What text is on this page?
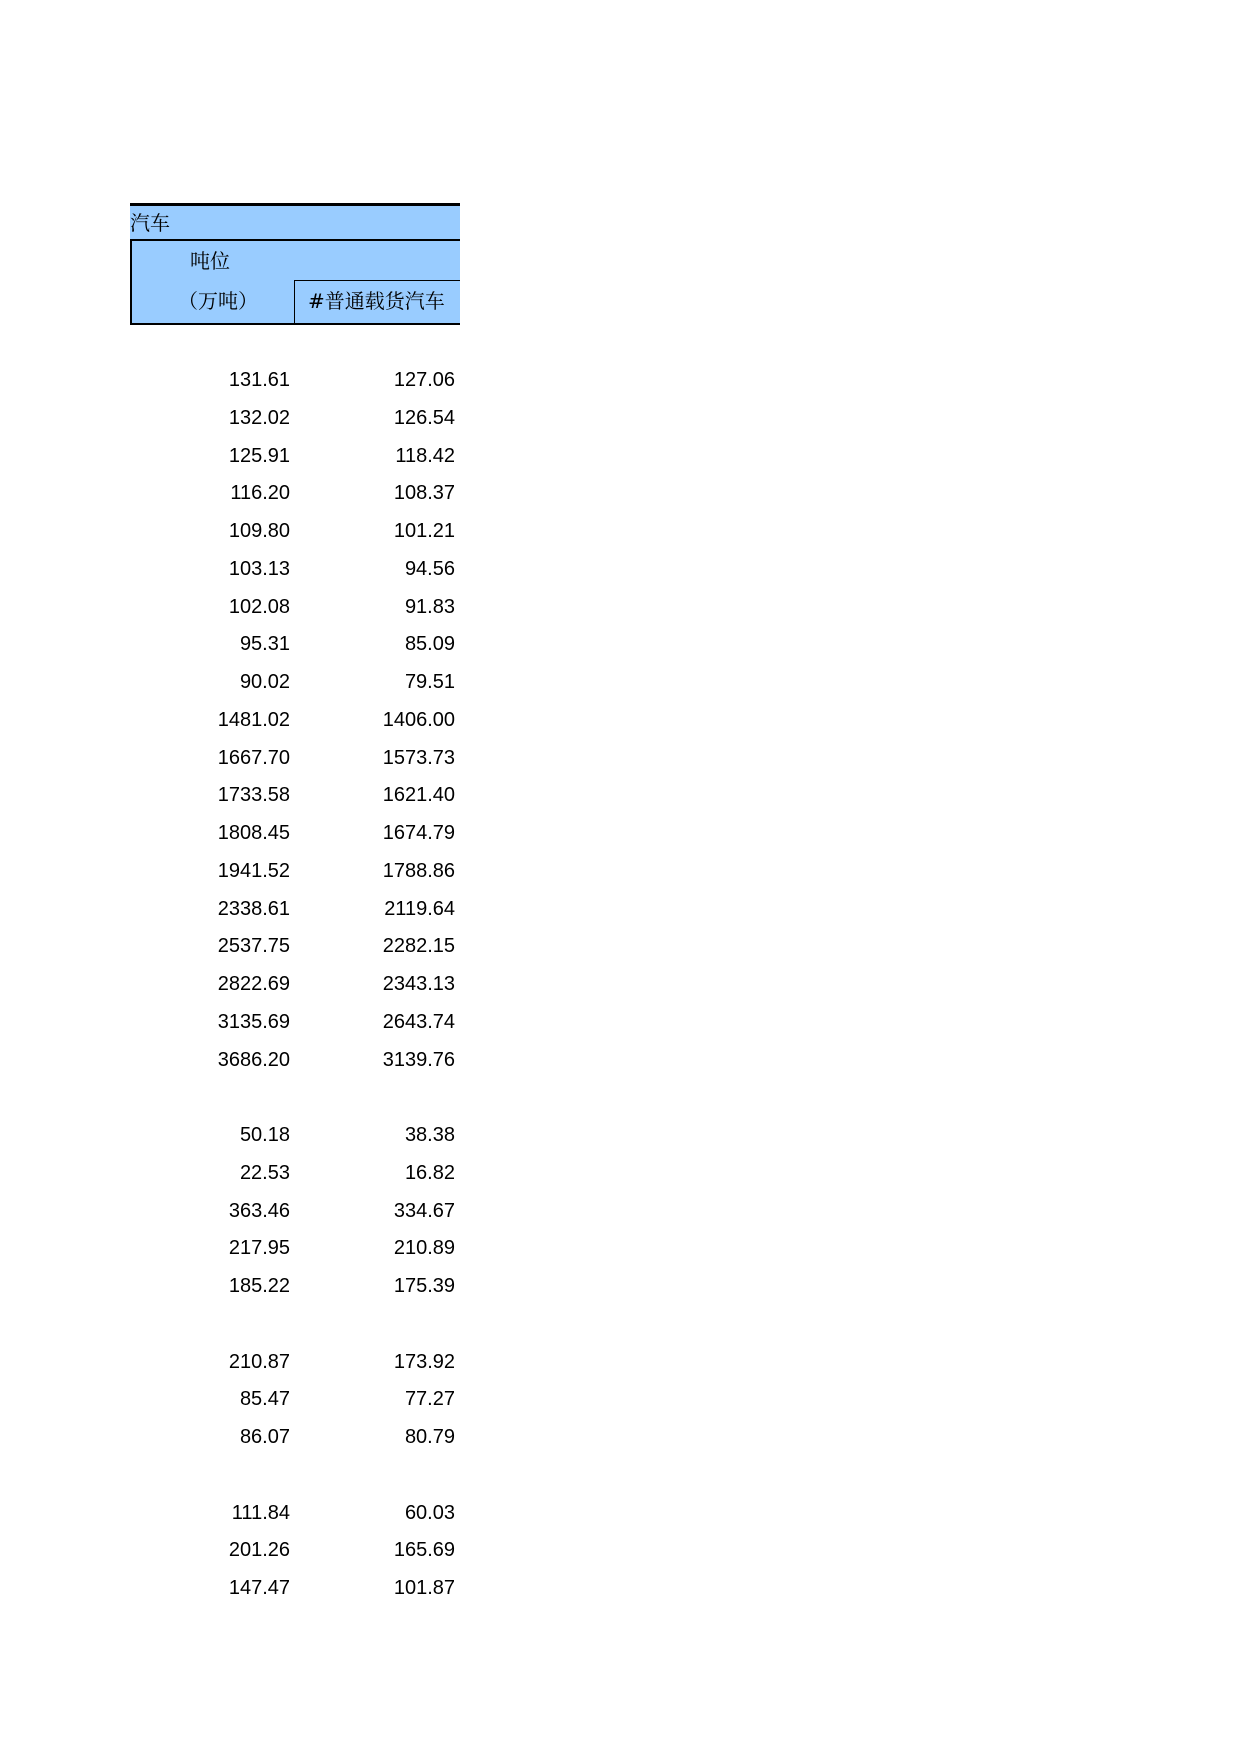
汽车
吨位
（万吨）	#普通载货汽车
131.61	127.06
132.02	126.54
125.91	118.42
116.20	108.37
109.80	101.21
103.13	94.56
102.08	91.83
95.31	85.09
90.02	79.51
1481.02	1406.00
1667.70	1573.73
1733.58	1621.40
1808.45	1674.79
1941.52	1788.86
2338.61	2119.64
2537.75	2282.15
2822.69	2343.13
3135.69	2643.74
3686.20	3139.76
50.18	38.38
22.53	16.82
363.46	334.67
217.95	210.89
185.22	175.39
210.87	173.92
85.47	77.27
86.07	80.79
111.84	60.03
201.26	165.69
147.47	101.87
